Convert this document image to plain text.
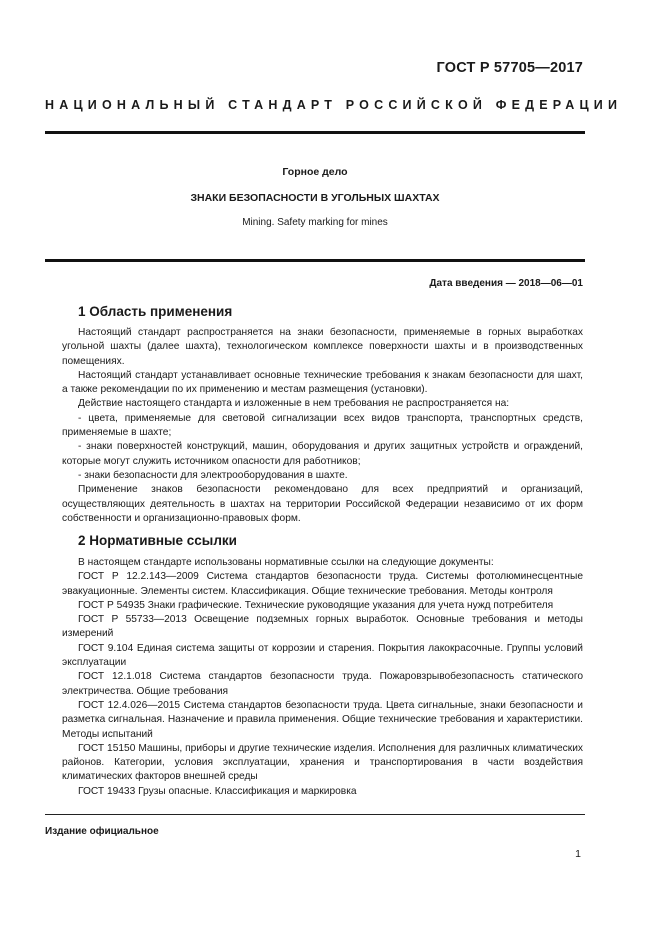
ГОСТ Р 57705—2017
НАЦИОНАЛЬНЫЙ СТАНДАРТ РОССИЙСКОЙ ФЕДЕРАЦИИ
Горное дело
ЗНАКИ БЕЗОПАСНОСТИ В УГОЛЬНЫХ ШАХТАХ
Mining. Safety marking for mines
Дата введения — 2018—06—01
1 Область применения

Настоящий стандарт распространяется на знаки безопасности, применяемые в горных выработках угольной шахты (далее шахта), технологическом комплексе поверхности шахты и в производственных помещениях.

Настоящий стандарт устанавливает основные технические требования к знакам безопасности для шахт, а также рекомендации по их применению и местам размещения (установки).

Действие настоящего стандарта и изложенные в нем требования не распространяется на:

- цвета, применяемые для световой сигнализации всех видов транспорта, транспортных средств, применяемые в шахте;

- знаки поверхностей конструкций, машин, оборудования и других защитных устройств и ограждений, которые могут служить источником опасности для работников;

- знаки безопасности для электрооборудования в шахте.

Применение знаков безопасности рекомендовано для всех предприятий и организаций, осуществляющих деятельность в шахтах на территории Российской Федерации независимо от их форм собственности и организационно-правовых форм.

2 Нормативные ссылки

В настоящем стандарте использованы нормативные ссылки на следующие документы:

ГОСТ Р 12.2.143—2009 Система стандартов безопасности труда. Системы фотолюминесцентные эвакуационные. Элементы систем. Классификация. Общие технические требования. Методы контроля

ГОСТ Р 54935 Знаки графические. Технические руководящие указания для учета нужд потребителя

ГОСТ Р 55733—2013 Освещение подземных горных выработок. Основные требования и методы измерений

ГОСТ 9.104 Единая система защиты от коррозии и старения. Покрытия лакокрасочные. Группы условий эксплуатации

ГОСТ 12.1.018 Система стандартов безопасности труда. Пожаровзрывобезопасность статического электричества. Общие требования

ГОСТ 12.4.026—2015 Система стандартов безопасности труда. Цвета сигнальные, знаки безопасности и разметка сигнальная. Назначение и правила применения. Общие технические требования и характеристики. Методы испытаний

ГОСТ 15150 Машины, приборы и другие технические изделия. Исполнения для различных климатических районов. Категории, условия эксплуатации, хранения и транспортирования в части воздействия климатических факторов внешней среды

ГОСТ 19433 Грузы опасные. Классификация и маркировка

Издание официальное
1
